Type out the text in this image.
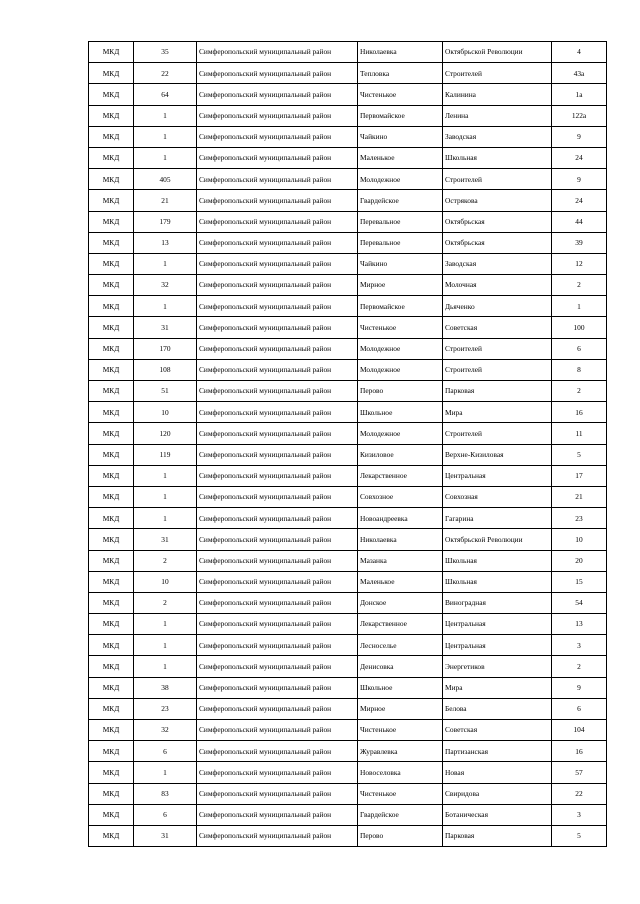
МКД	35	Симферопольский муниципальный район	Николаевка	Октябрьской Революции	4
МКД	22	Симферопольский муниципальный район	Тепловка	Строителей	43а
МКД	64	Симферопольский муниципальный район	Чистенькое	Калинина	1а
МКД	1	Симферопольский муниципальный район	Первомайское	Ленина	122а
МКД	1	Симферопольский муниципальный район	Чайкино	Заводская	9
МКД	1	Симферопольский муниципальный район	Маленькое	Школьная	24
МКД	405	Симферопольский муниципальный район	Молодежное	Строителей	9
МКД	21	Симферопольский муниципальный район	Гвардейское	Острякова	24
МКД	179	Симферопольский муниципальный район	Перевальное	Октябрьская	44
МКД	13	Симферопольский муниципальный район	Перевальное	Октябрьская	39
МКД	1	Симферопольский муниципальный район	Чайкино	Заводская	12
МКД	32	Симферопольский муниципальный район	Мирное	Молочная	2
МКД	1	Симферопольский муниципальный район	Первомайское	Дьяченко	1
МКД	31	Симферопольский муниципальный район	Чистенькое	Советская	100
МКД	170	Симферопольский муниципальный район	Молодежное	Строителей	6
МКД	108	Симферопольский муниципальный район	Молодежное	Строителей	8
МКД	51	Симферопольский муниципальный район	Перово	Парковая	2
МКД	10	Симферопольский муниципальный район	Школьное	Мира	16
МКД	120	Симферопольский муниципальный район	Молодежное	Строителей	11
МКД	119	Симферопольский муниципальный район	Кизиловое	Верхне-Кизиловая	5
МКД	1	Симферопольский муниципальный район	Лекарственное	Центральная	17
МКД	1	Симферопольский муниципальный район	Совхозное	Совхозная	21
МКД	1	Симферопольский муниципальный район	Новоандреевка	Гагарина	23
МКД	31	Симферопольский муниципальный район	Николаевка	Октябрьской Революции	10
МКД	2	Симферопольский муниципальный район	Мазанка	Школьная	20
МКД	10	Симферопольский муниципальный район	Маленькое	Школьная	15
МКД	2	Симферопольский муниципальный район	Донское	Виноградная	54
МКД	1	Симферопольский муниципальный район	Лекарственное	Центральная	13
МКД	1	Симферопольский муниципальный район	Лесноселье	Центральная	3
МКД	1	Симферопольский муниципальный район	Денисовка	Энергетиков	2
МКД	38	Симферопольский муниципальный район	Школьное	Мира	9
МКД	23	Симферопольский муниципальный район	Мирное	Белова	6
МКД	32	Симферопольский муниципальный район	Чистенькое	Советская	104
МКД	6	Симферопольский муниципальный район	Журавлевка	Партизанская	16
МКД	1	Симферопольский муниципальный район	Новоселовка	Новая	57
МКД	83	Симферопольский муниципальный район	Чистенькое	Свиридова	22
МКД	6	Симферопольский муниципальный район	Гвардейское	Ботаническая	3
МКД	31	Симферопольский муниципальный район	Перово	Парковая	5
